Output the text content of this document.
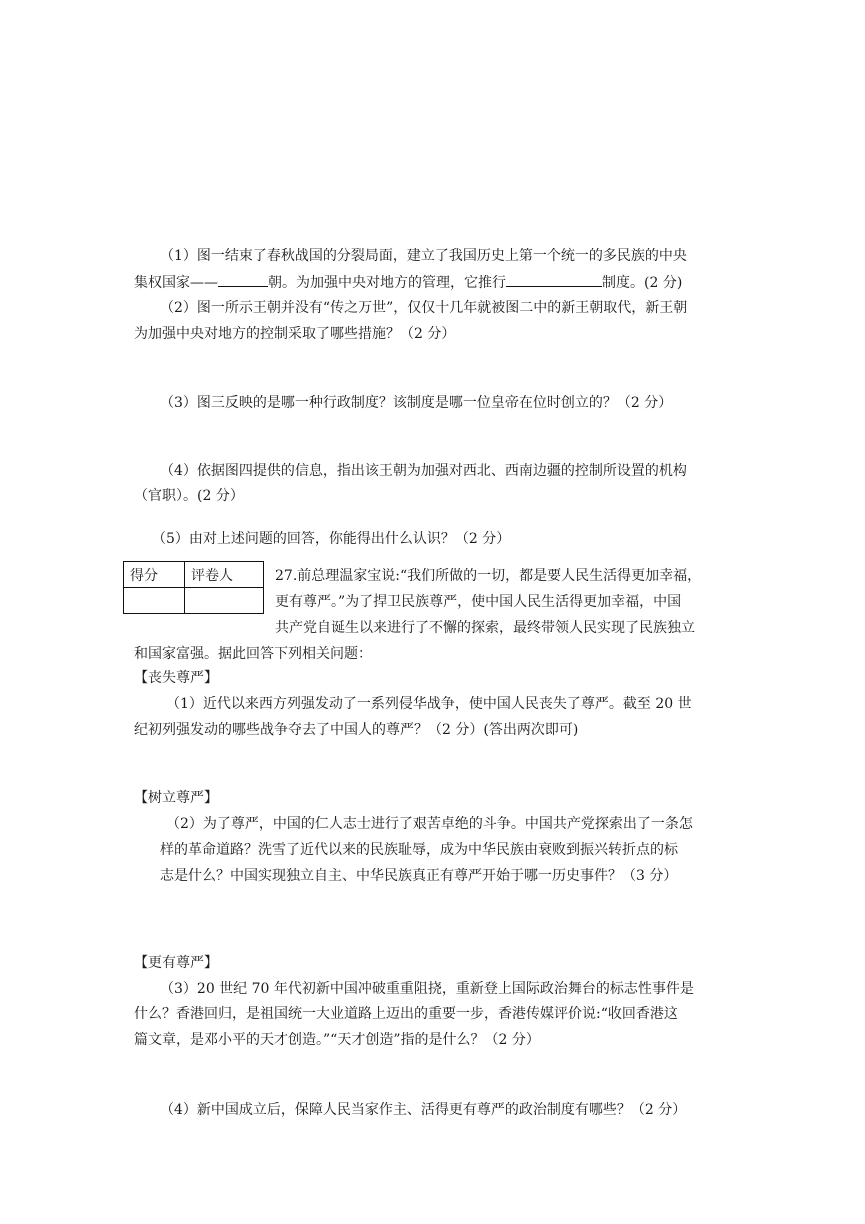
（1）图一结束了春秋战国的分裂局面，建立了我国历史上第一个统一的多民族的中央
集权国家——	朝。为加强中央对地方的管理，它推行	制度。(2 分)
（2）图一所示王朝并没有“传之万世”，仅仅十几年就被图二中的新王朝取代，新王朝
为加强中央对地方的控制采取了哪些措施？（2 分）
（3）图三反映的是哪一种行政制度？该制度是哪一位皇帝在位时创立的？（2 分）
（4）依据图四提供的信息，指出该王朝为加强对西北、西南边疆的控制所设置的机构
（官职）。(2 分）
（5）由对上述问题的回答，你能得出什么认识？（2 分）
得分	评卷人
		27.前总理温家宝说:“我们所做的一切，都是要人民生活得更加幸福，
更有尊严。”为了捍卫民族尊严，使中国人民生活得更加幸福，中国
共产党自诞生以来进行了不懈的探索，最终带领人民实现了民族独立
和国家富强。据此回答下列相关问题：
【丧失尊严】
（1）近代以来西方列强发动了一系列侵华战争，使中国人民丧失了尊严。截至 20 世
纪初列强发动的哪些战争夺去了中国人的尊严？（2 分）(答出两次即可)
【树立尊严】
（2）为了尊严，中国的仁人志士进行了艰苦卓绝的斗争。中国共产党探索出了一条怎
样的革命道路？洗雪了近代以来的民族耻辱，成为中华民族由衰败到振兴转折点的标
志是什么？中国实现独立自主、中华民族真正有尊严开始于哪一历史事件？（3 分）
【更有尊严】
（3）20 世纪 70 年代初新中国冲破重重阻挠，重新登上国际政治舞台的标志性事件是
什么？香港回归，是祖国统一大业道路上迈出的重要一步，香港传媒评价说:“收回香港这
篇文章，是邓小平的天才创造。”“天才创造”指的是什么？（2 分）
（4）新中国成立后，保障人民当家作主、活得更有尊严的政治制度有哪些？（2 分）
